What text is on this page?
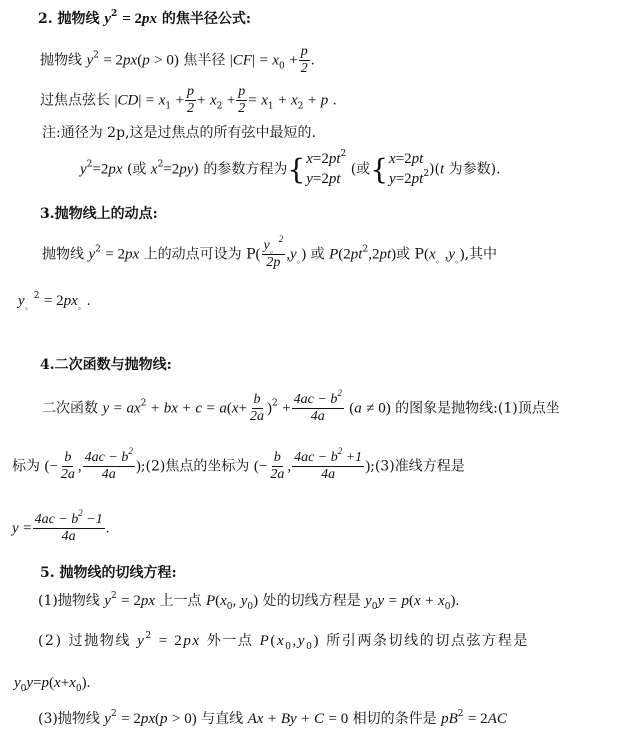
2. 抛物线 $y^2 = 2px$ 的焦半径公式:
抛物线 $y^2 = 2px(p > 0)$ 焦半径 $|CF| = x_0 + \frac{p}{2}$ .
过焦点弦长 $|CD| = x_1 + \frac{p}{2} + x_2 + \frac{p}{2} = x_1 + x_2 + p$ .
注:通径为 2p,这是过焦点的所有弦中最短的.
$y^2=2px$ (或 $x^2=2py$) 的参数方程为 { $x=2pt^2$
y=2pt
(或 { x=2pt
$y=2pt^2$ )(t 为参数).
3.抛物线上的动点:
抛物线 $y^2 = 2px$ 上的动点可设为 $P( \frac{y_。^2}{2p} ,y_。)$ 或 $P(2pt^2,2pt)$或 $P(x_。,y_。)$,其中
$y_。^2 = 2px_。$.
4.二次函数与抛物线:
二次函数 $y = ax^2$ + bx + $c = a(x+ \frac{b}{2a} )^2 + \frac{4ac - b^2}{4a} (a \ne 0)$ 的图象是抛物线:(1)顶点坐
标为 (− $\frac{b}{2a}$ , $\frac{4ac - b^2}{4a}$ );(2)焦点的坐标为 (− $\frac{b}{2a}$ , $\frac{4ac - b^2 +1}{4a}$ );(3)准线方程是
$y = \frac{4ac - b^2 -1}{4a}$ .
5. 抛物线的切线方程:
(1)抛物线 $y^2 = 2px$ 上一点 $P(x_0$, $y_0$) 处的切线方程是 $y_0y = p(x + x_0)$.
(2) 过抛物线 $y^2 = 2px$ 外一点 $P(x_0,y_0)$ 所引两条切线的切点弦方程是
$y_0y=p(x+x_0)$.
(3)抛物线 $y^2 = 2px(p > 0)$ 与直线 Ax + By + C = 0 相切的条件是 $pB^2 = 2AC$
